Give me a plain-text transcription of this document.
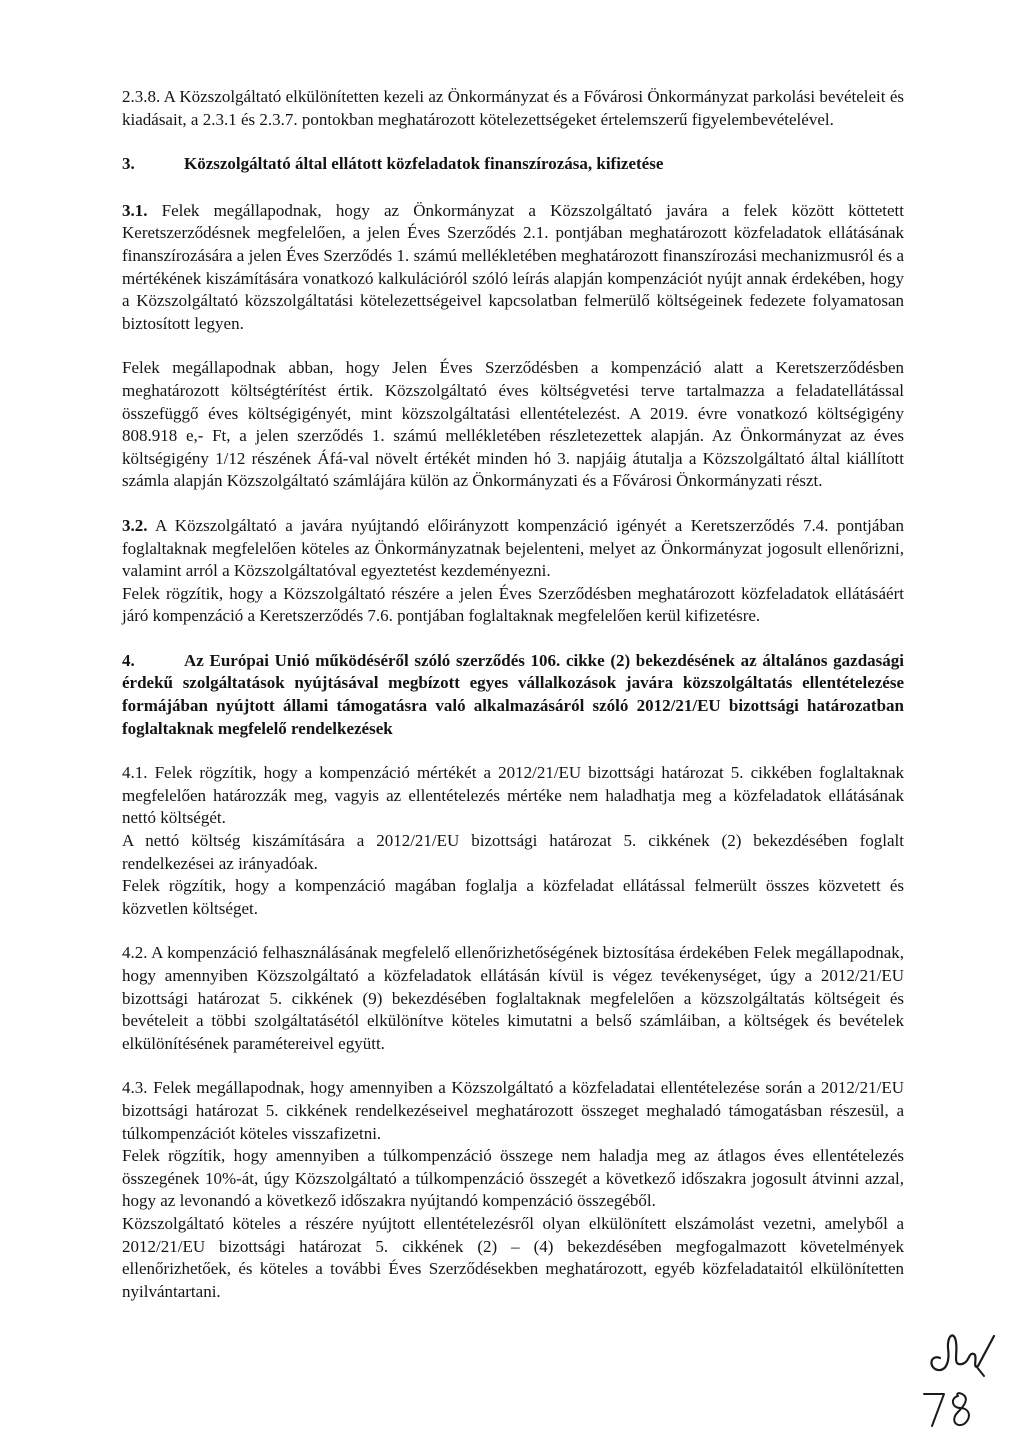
2.3.8. A Közszolgáltató elkülönítetten kezeli az Önkormányzat és a Fővárosi Önkormányzat parkolási bevételeit és kiadásait, a 2.3.1 és 2.3.7. pontokban meghatározott kötelezettségeket értelemszerű figyelembevételével.

3.	Közszolgáltató által ellátott közfeladatok finanszírozása, kifizetése

3.1. Felek megállapodnak, hogy az Önkormányzat a Közszolgáltató javára a felek között köttetett Keretszerződésnek megfelelően, a jelen Éves Szerződés 2.1. pontjában meghatározott közfeladatok ellátásának finanszírozására a jelen Éves Szerződés 1. számú mellékletében meghatározott finanszírozási mechanizmusról és a mértékének kiszámítására vonatkozó kalkulációról szóló leírás alapján kompenzációt nyújt annak érdekében, hogy a Közszolgáltató közszolgáltatási kötelezettségeivel kapcsolatban felmerülő költségeinek fedezete folyamatosan biztosított legyen.

Felek megállapodnak abban, hogy Jelen Éves Szerződésben a kompenzáció alatt a Keretszerződésben meghatározott költségtérítést értik. Közszolgáltató éves költségvetési terve tartalmazza a feladatellátással összefüggő éves költségigényét, mint közszolgáltatási ellentételezést. A 2019. évre vonatkozó költségigény 808.918 e,- Ft, a jelen szerződés 1. számú mellékletében részletezettek alapján. Az Önkormányzat az éves költségigény 1/12 részének Áfá-val növelt értékét minden hó 3. napjáig átutalja a Közszolgáltató által kiállított számla alapján Közszolgáltató számlájára külön az Önkormányzati és a Fővárosi Önkormányzati részt.

3.2. A Közszolgáltató a javára nyújtandó előirányzott kompenzáció igényét a Keretszerződés 7.4. pontjában foglaltaknak megfelelően köteles az Önkormányzatnak bejelenteni, melyet az Önkormányzat jogosult ellenőrizni, valamint arról a Közszolgáltatóval egyeztetést kezdeményezni.

Felek rögzítik, hogy a Közszolgáltató részére a jelen Éves Szerződésben meghatározott közfeladatok ellátásáért járó kompenzáció a Keretszerződés 7.6. pontjában foglaltaknak megfelelően kerül kifizetésre.

4.	Az Európai Unió működéséről szóló szerződés 106. cikke (2) bekezdésének az általános gazdasági érdekű szolgáltatások nyújtásával megbízott egyes vállalkozások javára közszolgáltatás ellentételezése formájában nyújtott állami támogatásra való alkalmazásáról szóló 2012/21/EU bizottsági határozatban foglaltaknak megfelelő rendelkezések

4.1. Felek rögzítik, hogy a kompenzáció mértékét a 2012/21/EU bizottsági határozat 5. cikkében foglaltaknak megfelelően határozzák meg, vagyis az ellentételezés mértéke nem haladhatja meg a közfeladatok ellátásának nettó költségét.

A nettó költség kiszámítására a 2012/21/EU bizottsági határozat 5. cikkének (2) bekezdésében foglalt rendelkezései az irányadóak.

Felek rögzítik, hogy a kompenzáció magában foglalja a közfeladat ellátással felmerült összes közvetett és közvetlen költséget.

4.2. A kompenzáció felhasználásának megfelelő ellenőrizhetőségének biztosítása érdekében Felek megállapodnak, hogy amennyiben Közszolgáltató a közfeladatok ellátásán kívül is végez tevékenységet, úgy a 2012/21/EU bizottsági határozat 5. cikkének (9) bekezdésében foglaltaknak megfelelően a közszolgáltatás költségeit és bevételeit a többi szolgáltatásétól elkülönítve köteles kimutatni a belső számláiban, a költségek és bevételek elkülönítésének paramétereivel együtt.

4.3. Felek megállapodnak, hogy amennyiben a Közszolgáltató a közfeladatai ellentételezése során a 2012/21/EU bizottsági határozat 5. cikkének rendelkezéseivel meghatározott összeget meghaladó támogatásban részesül, a túlkompenzációt köteles visszafizetni.

Felek rögzítik, hogy amennyiben a túlkompenzáció összege nem haladja meg az átlagos éves ellentételezés összegének 10%-át, úgy Közszolgáltató a túlkompenzáció összegét a következő időszakra jogosult átvinni azzal, hogy az levonandó a következő időszakra nyújtandó kompenzáció összegéből.

Közszolgáltató köteles a részére nyújtott ellentételezésről olyan elkülönített elszámolást vezetni, amelyből a 2012/21/EU bizottsági határozat 5. cikkének (2) – (4) bekezdésében megfogalmazott követelmények ellenőrizhetőek, és köteles a további Éves Szerződésekben meghatározott, egyéb közfeladataitól elkülönítetten nyilvántartani.
